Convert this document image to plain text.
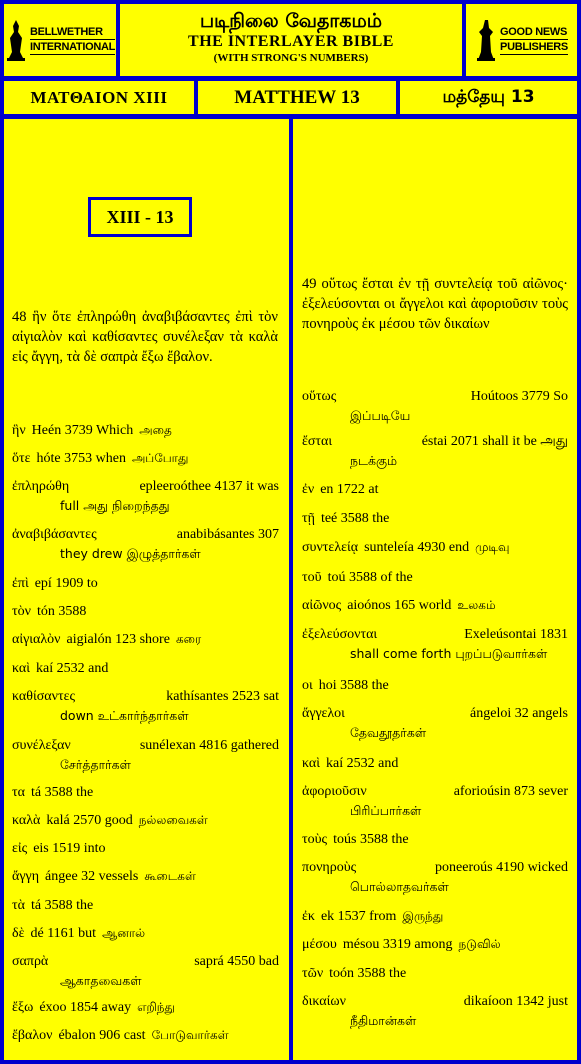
BELLWETHER
INTERNATIONAL
படிநிலை வேதாகமம்
THE INTERLAYER BIBLE
(WITH STRONG'S NUMBERS)
GOOD NEWS
PUBLISHERS
ΜΑΤΘΑΙΟΝ XIII	MATTHEW 13	மத்தேயு 13
XIII - 13
48 ἣν ὅτε ἐπληρώθη ἀναβιβάσαντες ἐπὶ τὸν αἰγιαλὸν καὶ καθίσαντες συνέλεξαν τὰ καλὰ εἰς ἄγγη, τὰ δὲ σαπρὰ ἔξω ἔβαλον.
ἣν Heén 3739 Which அதை
ὅτε hóte 3753 when அப்போது
ἐπληρώθη	epleeroóthee 4137 it was
full அது நிறைந்தது
ἀναβιβάσαντες	anabibásantes 307
they drew இழுத்தார்கள்
ἐπὶ epí 1909 to
τὸν tón 3588
αἰγιαλὸν aigialón 123 shore கரை
καὶ kaí 2532 and
καθίσαντες	kathísantes 2523 sat
down உட்கார்ந்தார்கள்
συνέλεξαν	sunélexan 4816 gathered
சேர்த்தார்கள்
τα tá 3588 the
καλὰ kalá 2570 good நல்லவைகள்
εἰς eis 1519 into
ἄγγη ángee 32 vessels கூடைகள்
τὰ tá 3588 the
δὲ dé 1161 but ஆனால்
σαπρὰ	saprá 4550 bad
ஆகாதவைகள்
ἔξω éxoo 1854 away எறிந்து
ἔβαλον ébalon 906 cast போடுவார்கள்
49 οὕτως ἔσται ἐν τῇ συντελείᾳ τοῦ αἰῶνος· ἐξελεύσονται οι ἄγγελοι καὶ ἀφοριοῦσιν τοὺς πονηροὺς ἐκ μέσου τῶν δικαίων
οὕτως	Hoútoos 3779 So
இப்படியே
ἔσται	éstai 2071 shall it be அது
நடக்கும்
ἐν en 1722 at
τῇ teé 3588 the
συντελείᾳ sunteleía 4930 end முடிவு
τοῦ toú 3588 of the
αἰῶνος aioónos 165 world உலகம்
ἐξελεύσονται	Exeleúsontai 1831
shall come forth புறப்படுவார்கள்
οι hoi 3588 the
ἄγγελοι	ángeloi 32 angels
தேவதூதர்கள்
καὶ kaí 2532 and
ἀφοριοῦσιν	aforioúsin 873 sever
பிரிப்பார்கள்
τοὺς toús 3588 the
πονηροὺς	poneeroús 4190 wicked
பொல்லாதவர்கள்
ἐκ ek 1537 from இருந்து
μέσου mésou 3319 among நடுவில்
τῶν toón 3588 the
δικαίων	dikaíoon 1342 just
நீதிமான்கள்
